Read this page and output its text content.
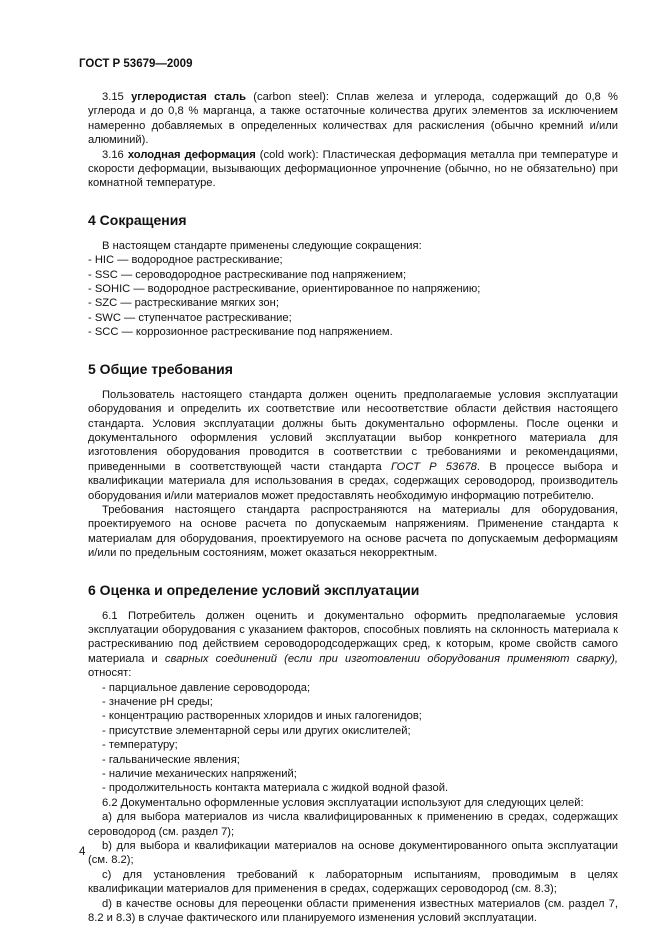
ГОСТ Р 53679—2009

3.15 углеродистая сталь (carbon steel): Сплав железа и углерода, содержащий до 0,8 % углерода и до 0,8 % марганца, а также остаточные количества других элементов за исключением намеренно добавляемых в определенных количествах для раскисления (обычно кремний и/или алюминий).

3.16 холодная деформация (cold work): Пластическая деформация металла при температуре и скорости деформации, вызывающих деформационное упрочнение (обычно, но не обязательно) при комнатной температуре.

4 Сокращения

В настоящем стандарте применены следующие сокращения:

- HIC — водородное растрескивание;

- SSC — сероводородное растрескивание под напряжением;

- SOHIC — водородное растрескивание, ориентированное по напряжению;

- SZC — растрескивание мягких зон;

- SWC — ступенчатое растрескивание;

- SCC — коррозионное растрескивание под напряжением.

5 Общие требования

Пользователь настоящего стандарта должен оценить предполагаемые условия эксплуатации оборудования и определить их соответствие или несоответствие области действия настоящего стандарта. Условия эксплуатации должны быть документально оформлены. После оценки и документального оформления условий эксплуатации выбор конкретного материала для изготовления оборудования проводится в соответствии с требованиями и рекомендациями, приведенными в соответствующей части стандарта ГОСТ Р 53678. В процессе выбора и квалификации материала для использования в средах, содержащих сероводород, производитель оборудования и/или материалов может предоставлять необходимую информацию потребителю.

Требования настоящего стандарта распространяются на материалы для оборудования, проектируемого на основе расчета по допускаемым напряжениям. Применение стандарта к материалам для оборудования, проектируемого на основе расчета по допускаемым деформациям и/или по предельным состояниям, может оказаться некорректным.

6 Оценка и определение условий эксплуатации

6.1 Потребитель должен оценить и документально оформить предполагаемые условия эксплуатации оборудования с указанием факторов, способных повлиять на склонность материала к растрескиванию под действием сероводородсодержащих сред, к которым, кроме свойств самого материала и сварных соединений (если при изготовлении оборудования применяют сварку), относят:

- парциальное давление сероводорода;

- значение pH среды;

- концентрацию растворенных хлоридов и иных галогенидов;

- присутствие элементарной серы или других окислителей;

- температуру;

- гальванические явления;

- наличие механических напряжений;

- продолжительность контакта материала с жидкой водной фазой.

6.2 Документально оформленные условия эксплуатации используют для следующих целей:

a) для выбора материалов из числа квалифицированных к применению в средах, содержащих сероводород (см. раздел 7);

b) для выбора и квалификации материалов на основе документированного опыта эксплуатации (см. 8.2);

c) для установления требований к лабораторным испытаниям, проводимым в целях квалификации материалов для применения в средах, содержащих сероводород (см. 8.3);

d) в качестве основы для переоценки области применения известных материалов (см. раздел 7, 8.2 и 8.3) в случае фактического или планируемого изменения условий эксплуатации.

4
